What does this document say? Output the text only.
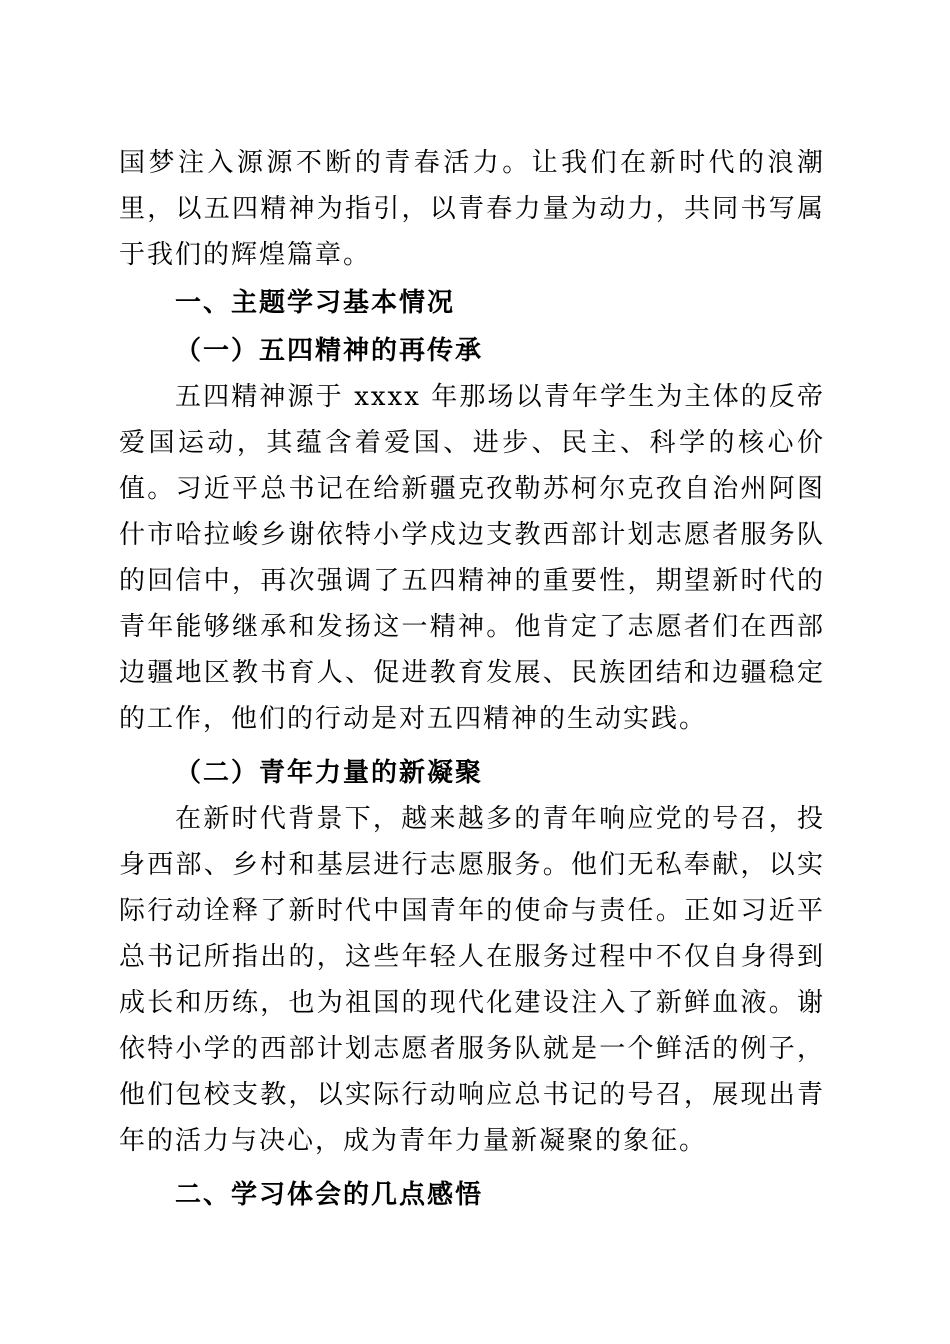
国梦注入源源不断的青春活力。让我们在新时代的浪潮里，以五四精神为指引，以青春力量为动力，共同书写属于我们的辉煌篇章。

一、主题学习基本情况

（一）五四精神的再传承

五四精神源于 xxxx 年那场以青年学生为主体的反帝爱国运动，其蕴含着爱国、进步、民主、科学的核心价值。习近平总书记在给新疆克孜勒苏柯尔克孜自治州阿图什市哈拉峻乡谢依特小学戍边支教西部计划志愿者服务队的回信中，再次强调了五四精神的重要性，期望新时代的青年能够继承和发扬这一精神。他肯定了志愿者们在西部边疆地区教书育人、促进教育发展、民族团结和边疆稳定的工作，他们的行动是对五四精神的生动实践。

（二）青年力量的新凝聚

在新时代背景下，越来越多的青年响应党的号召，投身西部、乡村和基层进行志愿服务。他们无私奉献，以实际行动诠释了新时代中国青年的使命与责任。正如习近平总书记所指出的，这些年轻人在服务过程中不仅自身得到成长和历练，也为祖国的现代化建设注入了新鲜血液。谢依特小学的西部计划志愿者服务队就是一个鲜活的例子，他们包校支教，以实际行动响应总书记的号召，展现出青年的活力与决心，成为青年力量新凝聚的象征。

二、学习体会的几点感悟
